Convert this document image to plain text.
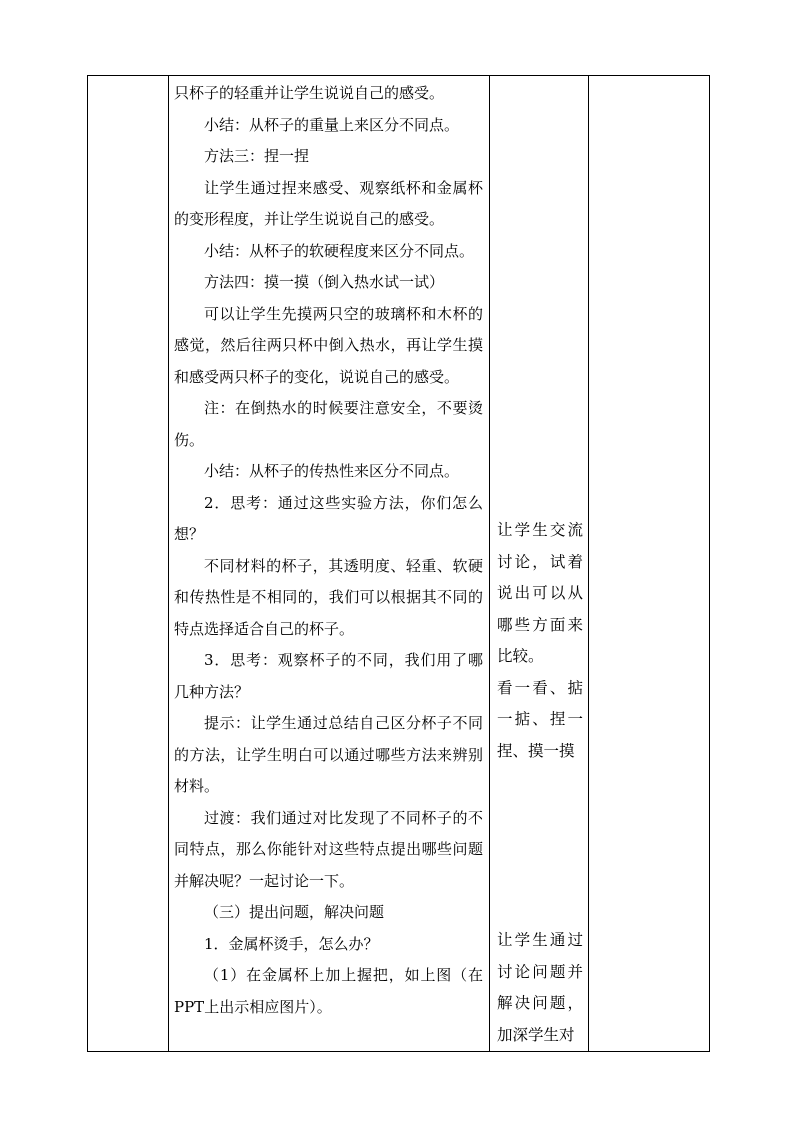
只杯子的轻重并让学生说说自己的感受。

小结：从杯子的重量上来区分不同点。

方法三：捏一捏

让学生通过捏来感受、观察纸杯和金属杯的变形程度，并让学生说说自己的感受。

小结：从杯子的软硬程度来区分不同点。

方法四：摸一摸（倒入热水试一试）

可以让学生先摸两只空的玻璃杯和木杯的感觉，然后往两只杯中倒入热水，再让学生摸和感受两只杯子的变化，说说自己的感受。

注：在倒热水的时候要注意安全，不要烫伤。

小结：从杯子的传热性来区分不同点。

2．思考：通过这些实验方法，你们怎么想？

不同材料的杯子，其透明度、轻重、软硬和传热性是不相同的，我们可以根据其不同的特点选择适合自己的杯子。

3．思考：观察杯子的不同，我们用了哪几种方法？

提示：让学生通过总结自己区分杯子不同的方法，让学生明白可以通过哪些方法来辨别材料。

过渡：我们通过对比发现了不同杯子的不同特点，那么你能针对这些特点提出哪些问题并解决呢？一起讨论一下。

（三）提出问题，解决问题

1．金属杯烫手，怎么办？

（1）在金属杯上加上握把，如上图（在PPT上出示相应图片）。

让学生交流讨论，试着说出可以从哪些方面来比较。

看一看、掂一掂、捏一捏、摸一摸

让学生通过讨论问题并解决问题，加深学生对
